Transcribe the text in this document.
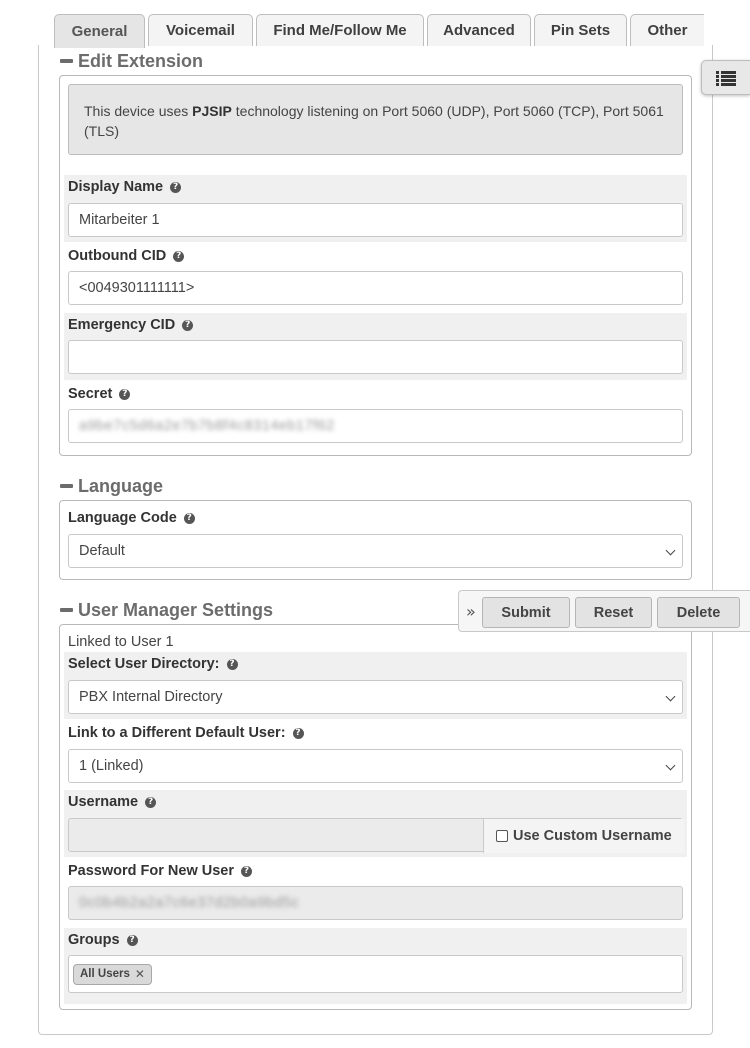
General	Voicemail	Find Me/Follow Me	Advanced	Pin Sets	Other
Edit Extension
This device uses PJSIP technology listening on Port 5060 (UDP), Port 5060 (TCP), Port 5061 (TLS)
Display Name	?
Mitarbeiter 1
Outbound CID	?
<0049301111111>
Emergency CID	?
Secret	?
a9be7c5d6a2e7b7b8f4c8314eb17f62
Language
Language Code	?
Default
User Manager Settings
Linked to User 1
Select User Directory:	?
PBX Internal Directory
Link to a Different Default User:	?
1 (Linked)
Username	?
Use Custom Username
Password For New User	?
0c0b4b2a2a7c6e37d2b0a9bd5c
Groups	?
All Users ✕
»	Submit	Reset	Delete
